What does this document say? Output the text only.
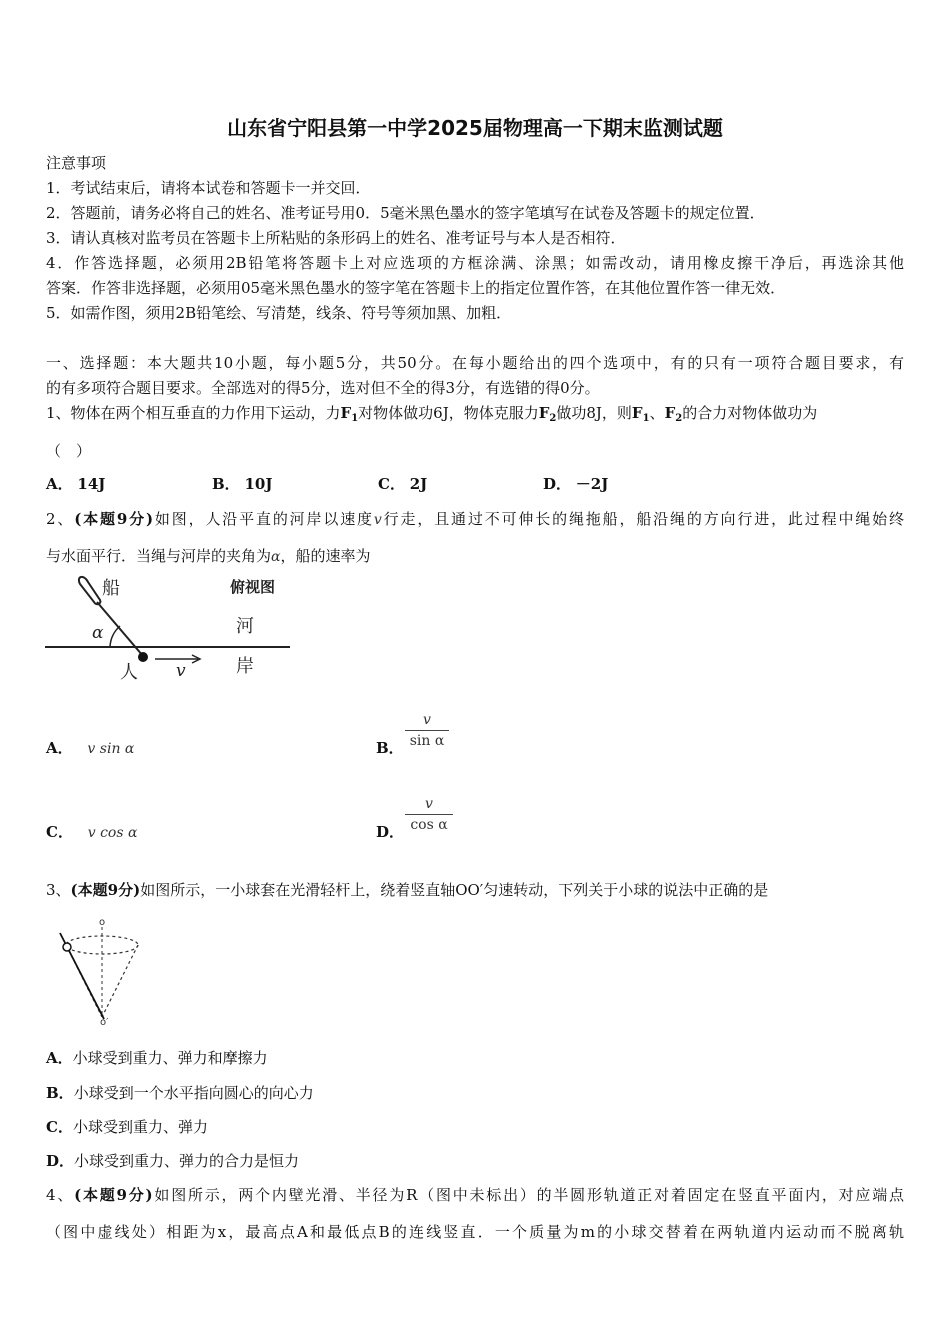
山东省宁阳县第一中学2025届物理高一下期末监测试题
注意事项
1．考试结束后，请将本试卷和答题卡一并交回．
2．答题前，请务必将自己的姓名、准考证号用0．5毫米黑色墨水的签字笔填写在试卷及答题卡的规定位置．
3．请认真核对监考员在答题卡上所粘贴的条形码上的姓名、准考证号与本人是否相符．
4．作答选择题，必须用2B铅笔将答题卡上对应选项的方框涂满、涂黑；如需改动，请用橡皮擦干净后，再选涂其他
答案．作答非选择题，必须用05毫米黑色墨水的签字笔在答题卡上的指定位置作答，在其他位置作答一律无效．
5．如需作图，须用2B铅笔绘、写清楚，线条、符号等须加黑、加粗．
一、选择题：本大题共10小题，每小题5分，共50分。在每小题给出的四个选项中，有的只有一项符合题目要求，有
的有多项符合题目要求。全部选对的得5分，选对但不全的得3分，有选错的得0分。
1、物体在两个相互垂直的力作用下运动，力$F_1$对物体做功6J，物体克服力$F_2$做功8J，则$F_1$、$F_2$的合力对物体做功为
（　）
A． 14J	B． 10J	C． 2J	D． －2J
2、(本题9分)如图，人沿平直的河岸以速度v行走，且通过不可伸长的绳拖船，船沿绳的方向行进，此过程中绳始终
与水面平行．当绳与河岸的夹角为α，船的速率为
船	俯视图
河
岸
人
α
v
A． v sin α	B．
v
sin α
C． v cos α	D．
v
cos α
3、(本题9分)如图所示，一小球套在光滑轻杆上，绕着竖直轴OO′匀速转动，下列关于小球的说法中正确的是
o
o′
A．小球受到重力、弹力和摩擦力
B．小球受到一个水平指向圆心的向心力
C．小球受到重力、弹力
D．小球受到重力、弹力的合力是恒力
4、(本题9分)如图所示，两个内壁光滑、半径为R（图中未标出）的半圆形轨道正对着固定在竖直平面内，对应端点
（图中虚线处）相距为x，最高点A和最低点B的连线竖直．一个质量为m的小球交替着在两轨道内运动而不脱离轨
